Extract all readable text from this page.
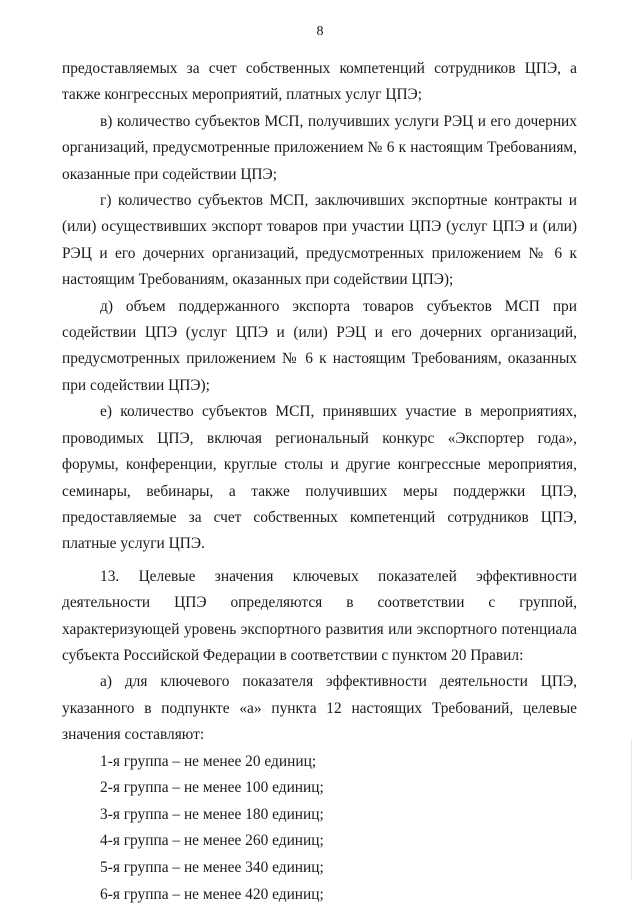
8

предоставляемых за счет собственных компетенций сотрудников ЦПЭ, а также конгрессных мероприятий, платных услуг ЦПЭ;

в) количество субъектов МСП, получивших услуги РЭЦ и его дочерних организаций, предусмотренные приложением № 6 к настоящим Требованиям, оказанные при содействии ЦПЭ;

г) количество субъектов МСП, заключивших экспортные контракты и (или) осуществивших экспорт товаров при участии ЦПЭ (услуг ЦПЭ и (или) РЭЦ и его дочерних организаций, предусмотренных приложением № 6 к настоящим Требованиям, оказанных при содействии ЦПЭ);

д) объем поддержанного экспорта товаров субъектов МСП при содействии ЦПЭ (услуг ЦПЭ и (или) РЭЦ и его дочерних организаций, предусмотренных приложением № 6 к настоящим Требованиям, оказанных при содействии ЦПЭ);

е) количество субъектов МСП, принявших участие в мероприятиях, проводимых ЦПЭ, включая региональный конкурс «Экспортер года», форумы, конференции, круглые столы и другие конгрессные мероприятия, семинары, вебинары, а также получивших меры поддержки ЦПЭ, предоставляемые за счет собственных компетенций сотрудников ЦПЭ, платные услуги ЦПЭ.

13. Целевые значения ключевых показателей эффективности деятельности ЦПЭ определяются в соответствии с группой, характеризующей уровень экспортного развития или экспортного потенциала субъекта Российской Федерации в соответствии с пунктом 20 Правил:

а) для ключевого показателя эффективности деятельности ЦПЭ, указанного в подпункте «а» пункта 12 настоящих Требований, целевые значения составляют:

1-я группа – не менее 20 единиц;
2-я группа – не менее 100 единиц;
3-я группа – не менее 180 единиц;
4-я группа – не менее 260 единиц;
5-я группа – не менее 340 единиц;
6-я группа – не менее 420 единиц;
